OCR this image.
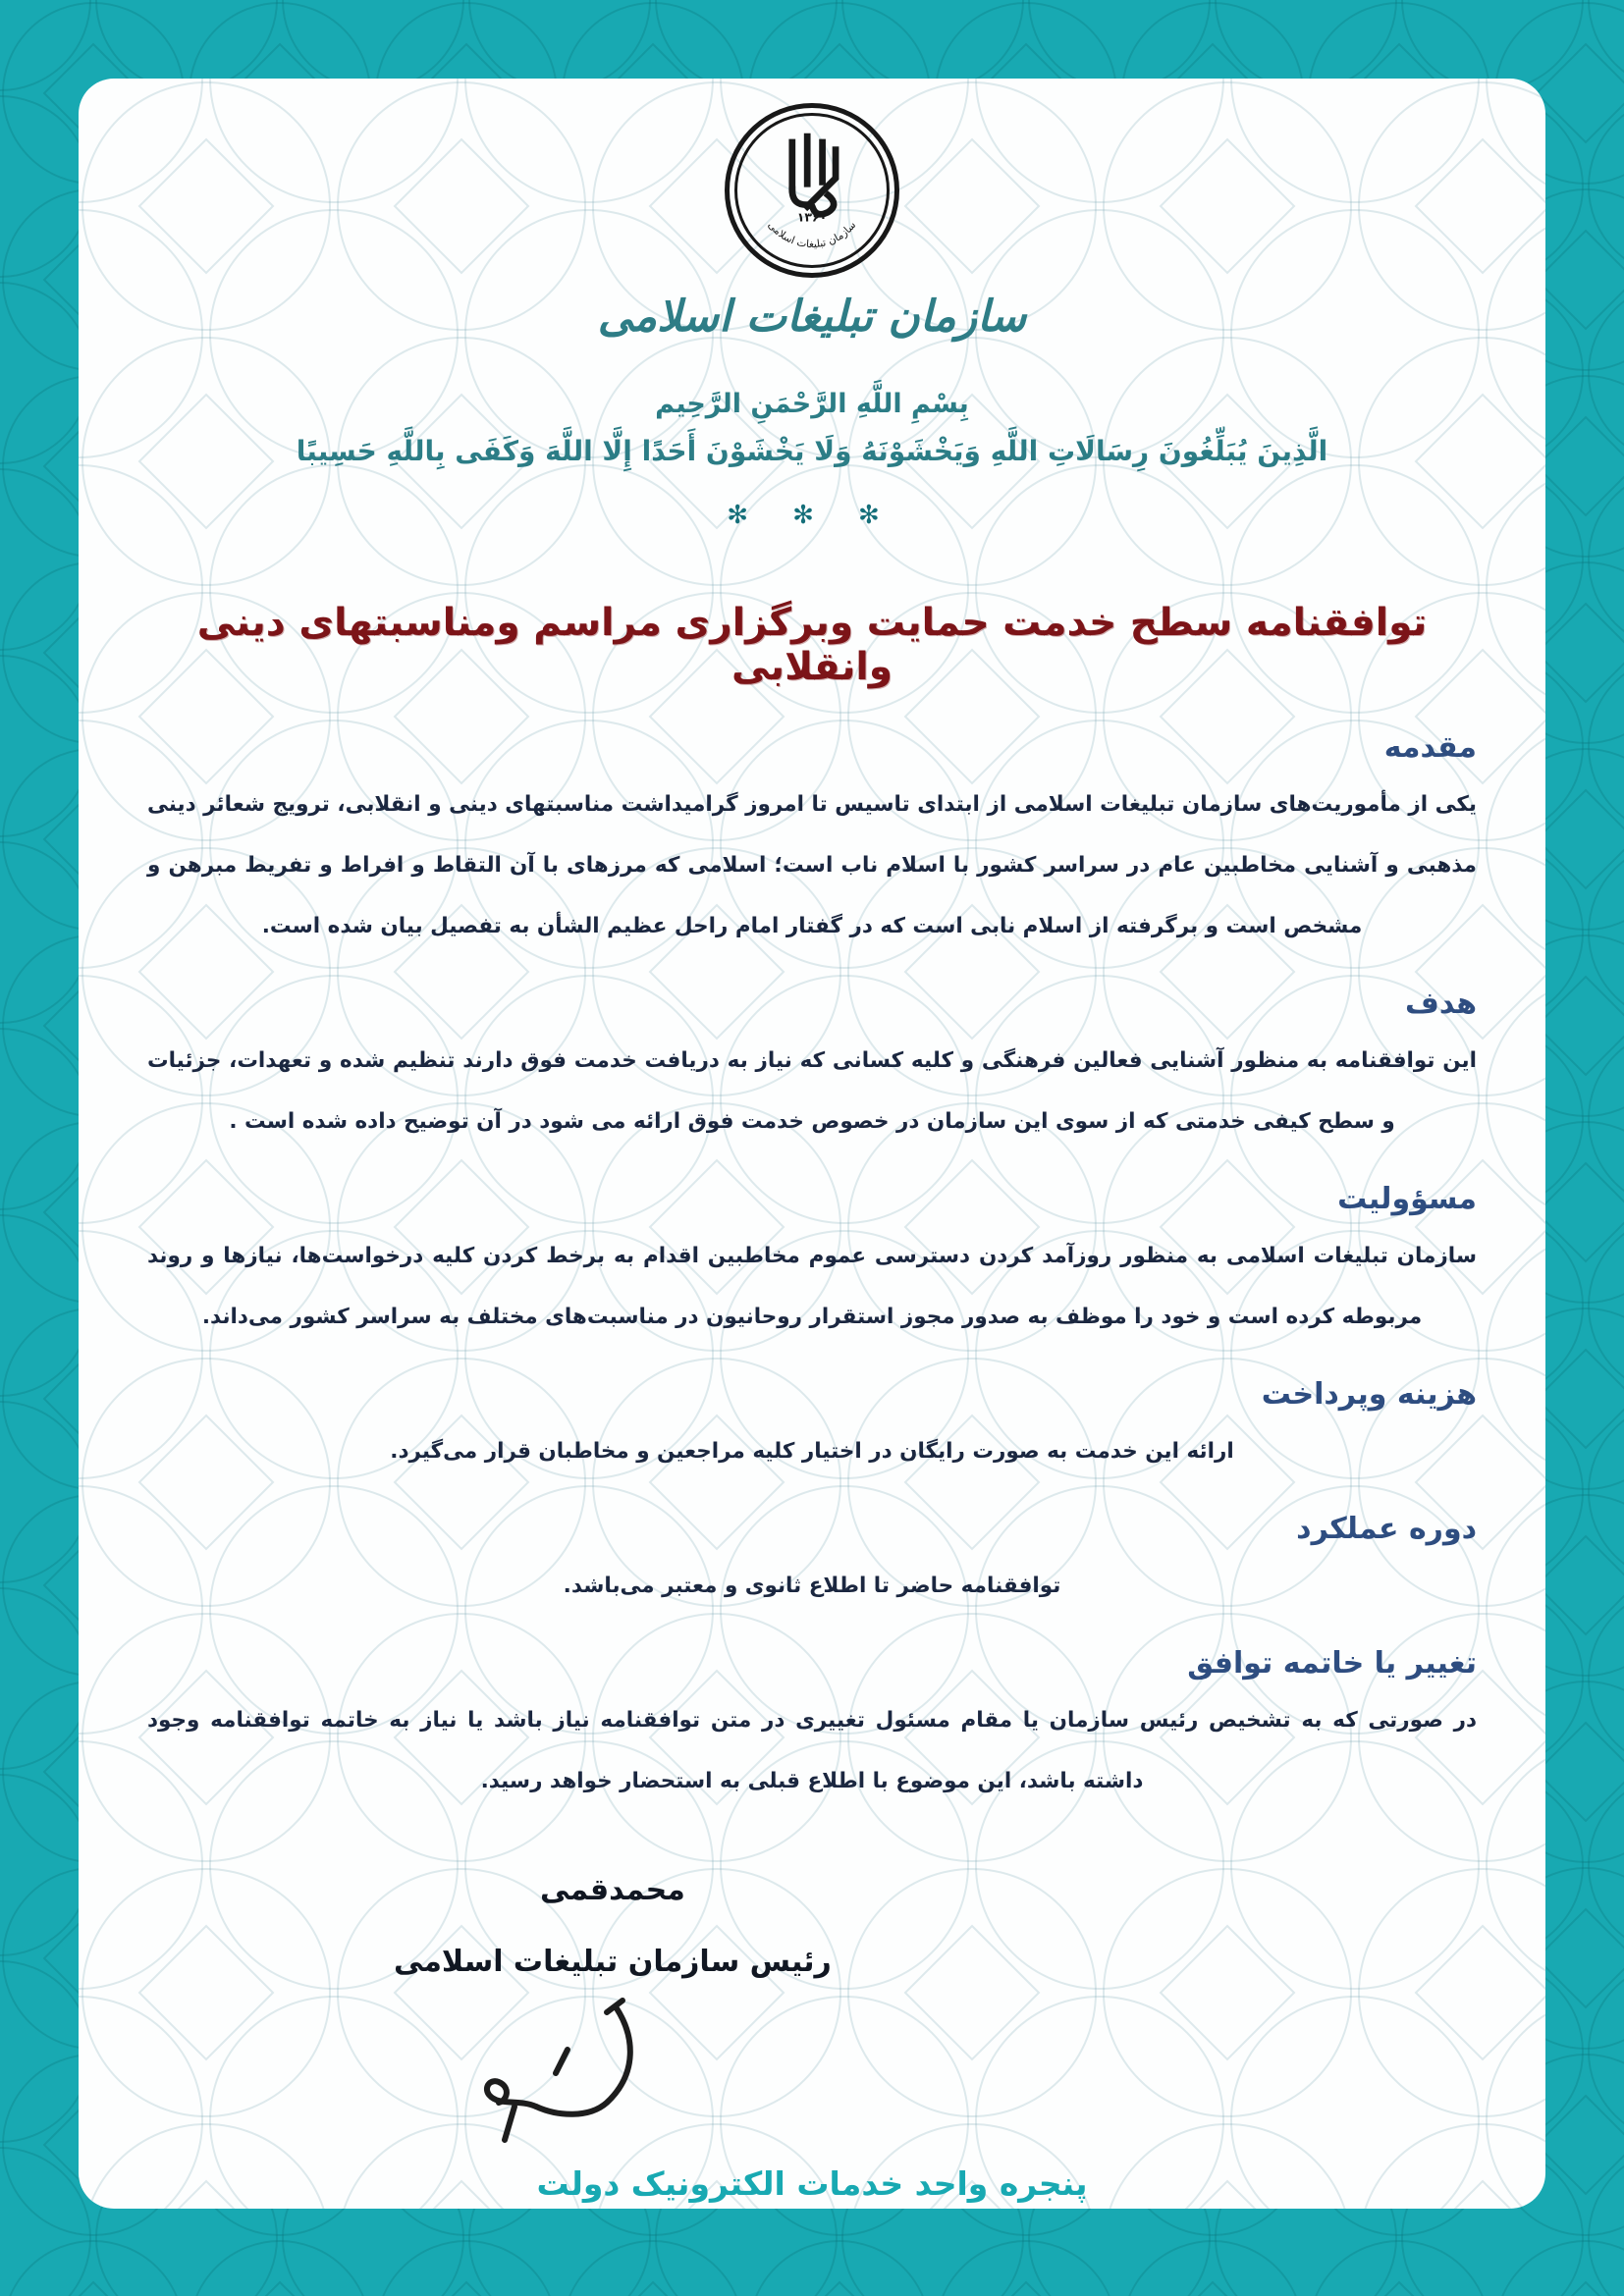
۱۳۶۰
سازمان تبلیغات اسلامی
سازمان تبلیغات اسلامی
بِسْمِ اللَّهِ الرَّحْمَنِ الرَّحِيم
الَّذِينَ يُبَلِّغُونَ رِسَالَاتِ اللَّهِ وَيَخْشَوْنَهُ وَلَا يَخْشَوْنَ أَحَدًا إِلَّا اللَّهَ وَكَفَى بِاللَّهِ حَسِيبًا
✻ ✻ ✻
توافقنامه سطح خدمت حمایت وبرگزاری مراسم ومناسبتهای دینی وانقلابی
مقدمه

یکی از مأموریت‌های سازمان تبلیغات اسلامی از ابتدای تاسیس تا امروز گرامیداشت مناسبتهای دینی و انقلابی، ترویج شعائر دینی مذهبی و آشنایی مخاطبین عام در سراسر کشور با اسلام ناب است؛ اسلامی که مرزهای با آن التقاط و افراط و تفریط مبرهن و مشخص است و برگرفته از اسلام نابی است که در گفتار امام راحل عظیم الشأن به تفصیل بیان شده است.

هدف

این توافقنامه به منظور آشنایی فعالین فرهنگی و کلیه کسانی که نیاز به دریافت خدمت فوق دارند تنظیم شده و تعهدات، جزئیات و سطح کیفی خدمتی که از سوی این سازمان در خصوص خدمت فوق ارائه می شود در آن توضیح داده شده است .

مسؤولیت

سازمان تبلیغات اسلامی به منظور روزآمد کردن دسترسی عموم مخاطبین اقدام به برخط کردن کلیه درخواست‌ها، نیازها و روند مربوطه کرده است و خود را موظف به صدور مجوز استقرار روحانیون در مناسبت‌های مختلف به سراسر کشور می‌داند.

هزینه وپرداخت

ارائه این خدمت به صورت رایگان در اختیار کلیه مراجعین و مخاطبان قرار می‌گیرد.

دوره عملکرد

توافقنامه حاضر تا اطلاع ثانوی و معتبر می‌باشد.

تغییر یا خاتمه توافق

در صورتی که به تشخیص رئیس سازمان یا مقام مسئول تغییری در متن توافقنامه نیاز باشد یا نیاز به خاتمه توافقنامه وجود داشته باشد، این موضوع با اطلاع قبلی به استحضار خواهد رسید.

محمدقمی
رئیس سازمان تبلیغات اسلامی
پنجره واحد خدمات الکترونیک دولت
